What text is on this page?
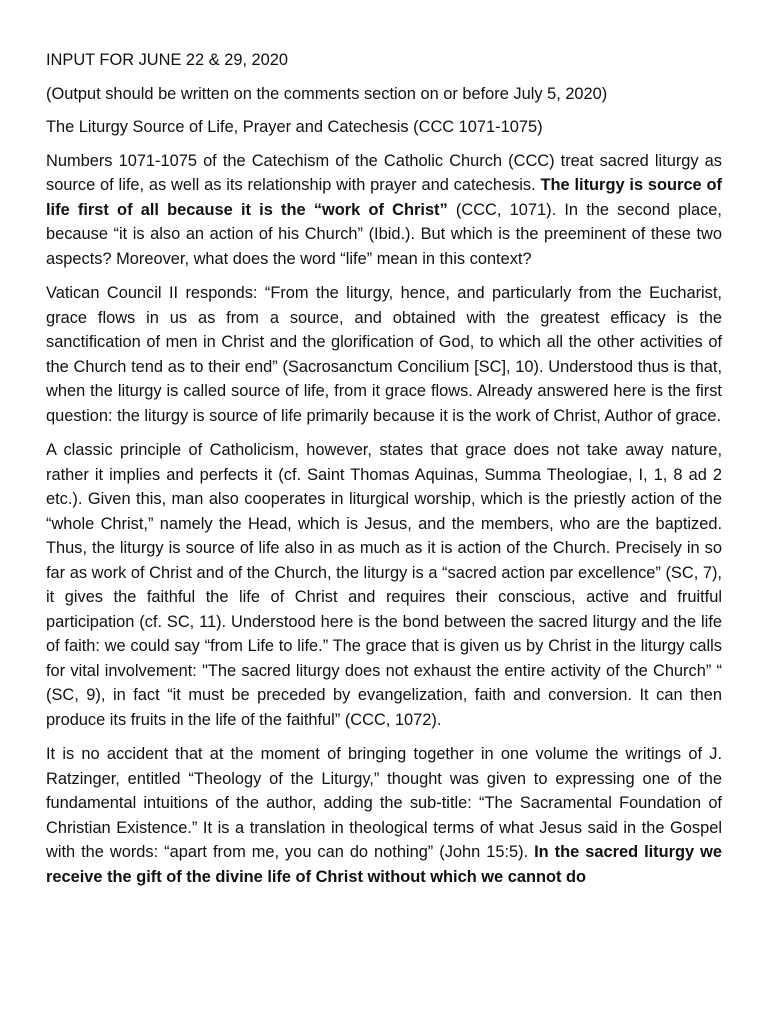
INPUT FOR JUNE 22 & 29, 2020

(Output should be written on the comments section on or before July 5, 2020)

The Liturgy Source of Life, Prayer and Catechesis (CCC 1071-1075)

Numbers 1071-1075 of the Catechism of the Catholic Church (CCC) treat sacred liturgy as source of life, as well as its relationship with prayer and catechesis. The liturgy is source of life first of all because it is the “work of Christ” (CCC, 1071). In the second place, because “it is also an action of his Church” (Ibid.). But which is the preeminent of these two aspects? Moreover, what does the word “life” mean in this context?

Vatican Council II responds: “From the liturgy, hence, and particularly from the Eucharist, grace flows in us as from a source, and obtained with the greatest efficacy is the sanctification of men in Christ and the glorification of God, to which all the other activities of the Church tend as to their end” (Sacrosanctum Concilium [SC], 10). Understood thus is that, when the liturgy is called source of life, from it grace flows. Already answered here is the first question: the liturgy is source of life primarily because it is the work of Christ, Author of grace.

A classic principle of Catholicism, however, states that grace does not take away nature, rather it implies and perfects it (cf. Saint Thomas Aquinas, Summa Theologiae, I, 1, 8 ad 2 etc.). Given this, man also cooperates in liturgical worship, which is the priestly action of the “whole Christ,” namely the Head, which is Jesus, and the members, who are the baptized. Thus, the liturgy is source of life also in as much as it is action of the Church. Precisely in so far as work of Christ and of the Church, the liturgy is a “sacred action par excellence” (SC, 7), it gives the faithful the life of Christ and requires their conscious, active and fruitful participation (cf. SC, 11). Understood here is the bond between the sacred liturgy and the life of faith: we could say “from Life to life.” The grace that is given us by Christ in the liturgy calls for vital involvement: "The sacred liturgy does not exhaust the entire activity of the Church” “ (SC, 9), in fact “it must be preceded by evangelization, faith and conversion. It can then produce its fruits in the life of the faithful” (CCC, 1072).

It is no accident that at the moment of bringing together in one volume the writings of J. Ratzinger, entitled “Theology of the Liturgy,” thought was given to expressing one of the fundamental intuitions of the author, adding the sub-title: “The Sacramental Foundation of Christian Existence.” It is a translation in theological terms of what Jesus said in the Gospel with the words: “apart from me, you can do nothing” (John 15:5). In the sacred liturgy we receive the gift of the divine life of Christ without which we cannot do
